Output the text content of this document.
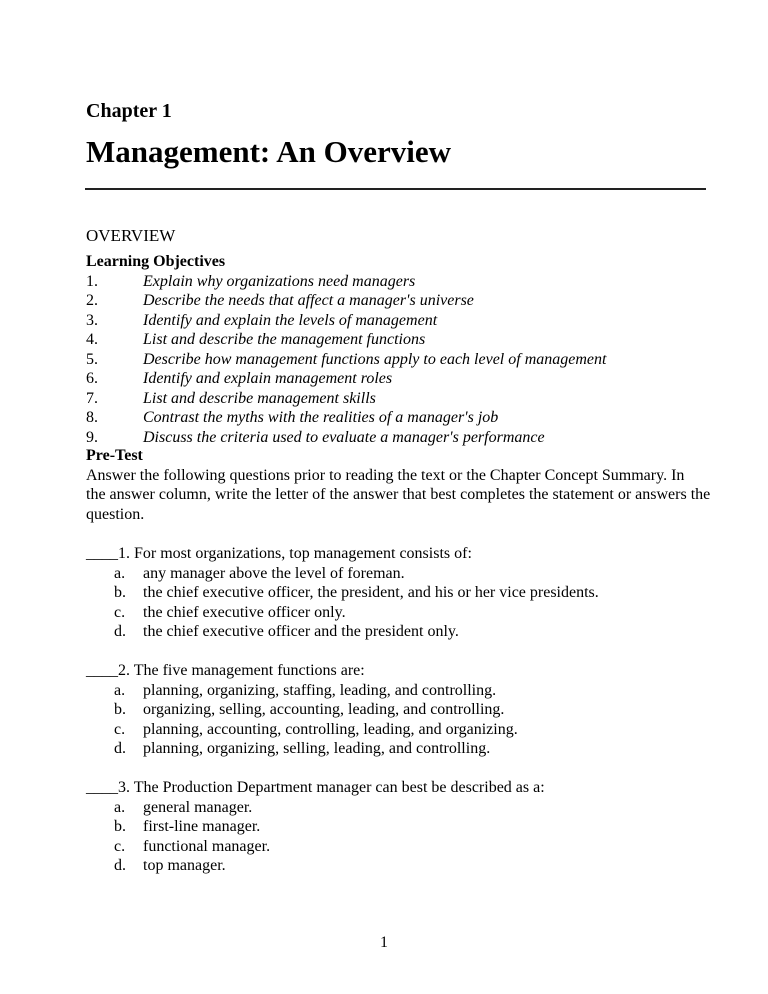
Chapter 1
Management: An Overview
OVERVIEW
Learning Objectives
1.	Explain why organizations need managers
2.	Describe the needs that affect a manager's universe
3.	Identify and explain the levels of management
4.	List and describe the management functions
5.	Describe how management functions apply to each level of management
6.	Identify and explain management roles
7.	List and describe management skills
8.	Contrast the myths with the realities of a manager's job
9.	Discuss the criteria used to evaluate a manager's performance
Pre-Test
Answer the following questions prior to reading the text or the Chapter Concept Summary. In
the answer column, write the letter of the answer that best completes the statement or answers the
question.
____1. For most organizations, top management consists of:
a. any manager above the level of foreman.
b. the chief executive officer, the president, and his or her vice presidents.
c. the chief executive officer only.
d. the chief executive officer and the president only.
____2. The five management functions are:
a. planning, organizing, staffing, leading, and controlling.
b. organizing, selling, accounting, leading, and controlling.
c. planning, accounting, controlling, leading, and organizing.
d. planning, organizing, selling, leading, and controlling.
____3. The Production Department manager can best be described as a:
a. general manager.
b. first-line manager.
c. functional manager.
d. top manager.
1
